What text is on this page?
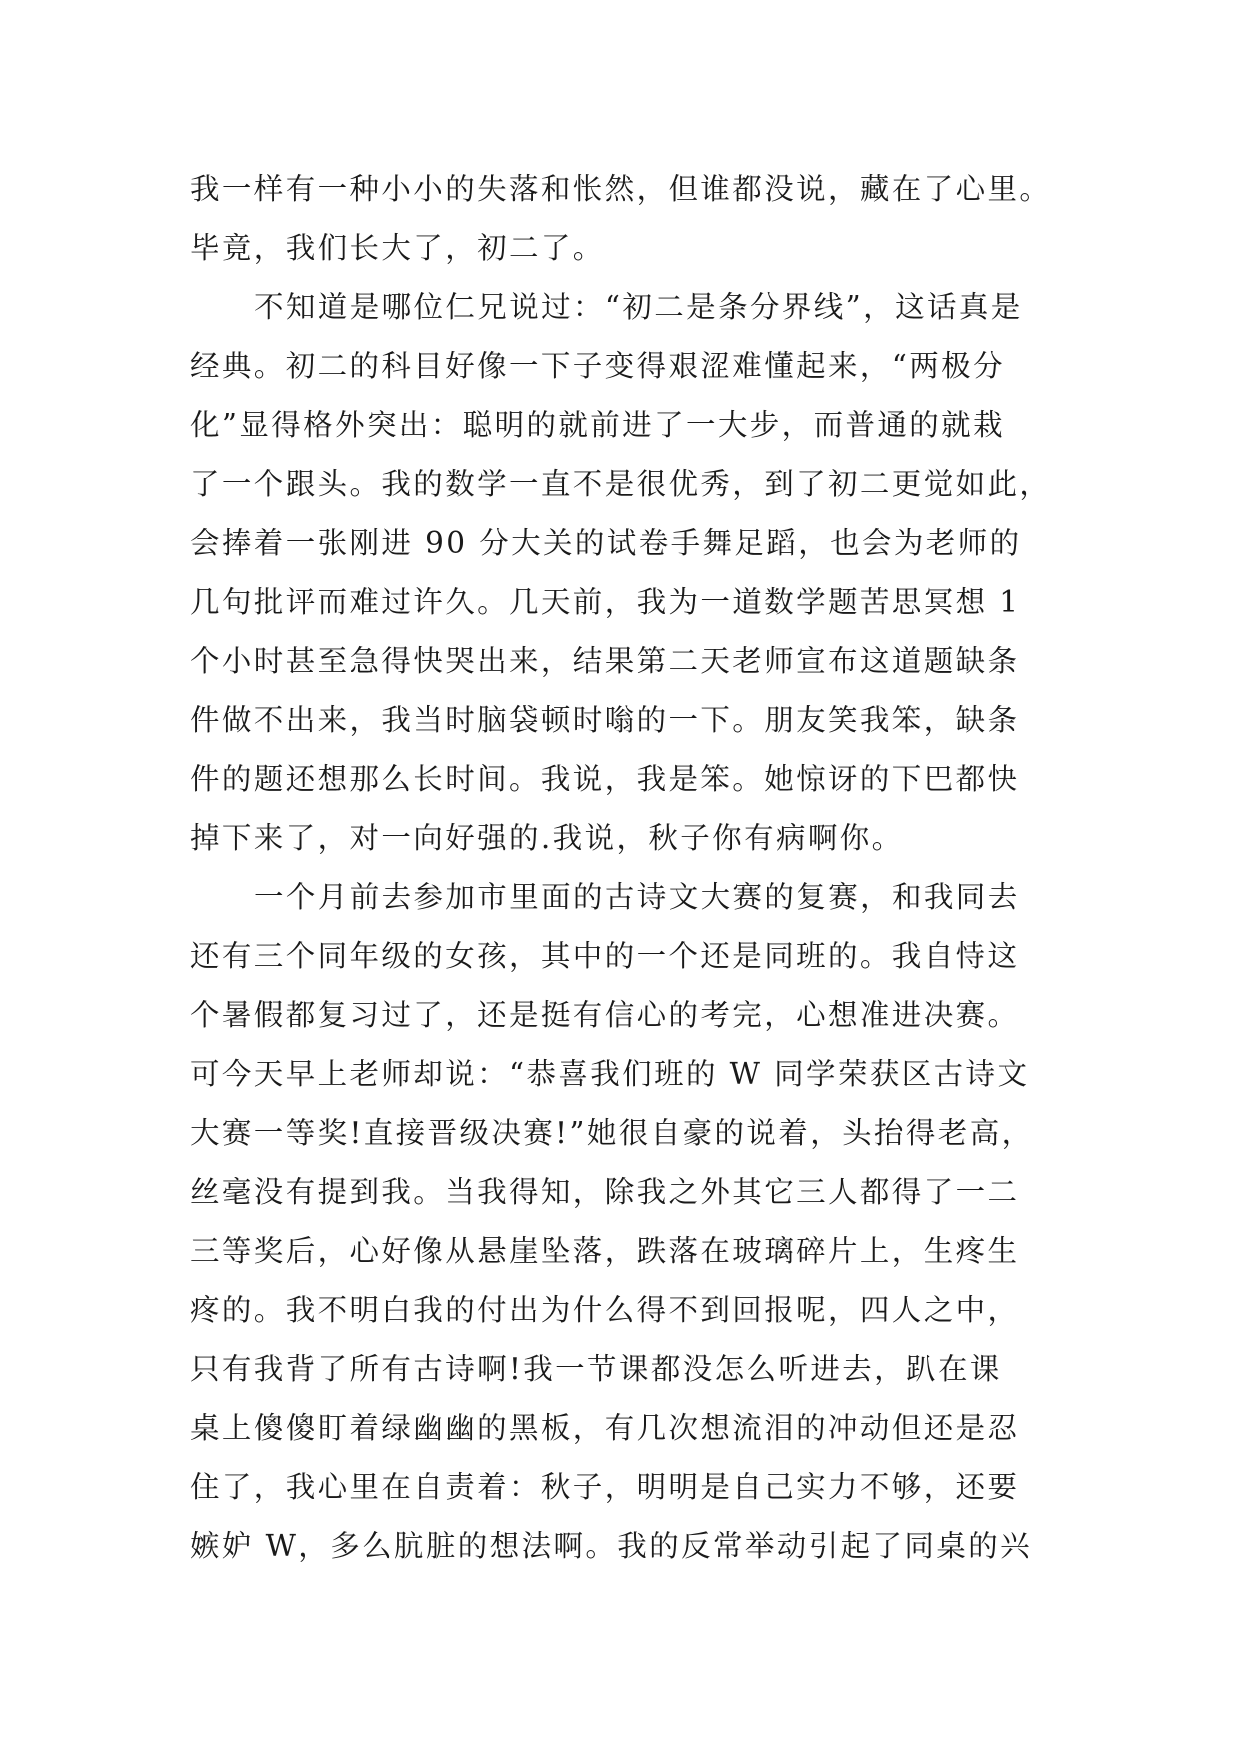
我一样有一种小小的失落和怅然，但谁都没说，藏在了心里。
毕竟，我们长大了，初二了。
不知道是哪位仁兄说过：“初二是条分界线”，这话真是
经典。初二的科目好像一下子变得艰涩难懂起来，“两极分
化”显得格外突出：聪明的就前进了一大步，而普通的就栽
了一个跟头。我的数学一直不是很优秀，到了初二更觉如此，
会捧着一张刚进 90 分大关的试卷手舞足蹈，也会为老师的
几句批评而难过许久。几天前，我为一道数学题苦思冥想 1
个小时甚至急得快哭出来，结果第二天老师宣布这道题缺条
件做不出来，我当时脑袋顿时嗡的一下。朋友笑我笨，缺条
件的题还想那么长时间。我说，我是笨。她惊讶的下巴都快
掉下来了，对一向好强的.我说，秋子你有病啊你。
一个月前去参加市里面的古诗文大赛的复赛，和我同去
还有三个同年级的女孩，其中的一个还是同班的。我自恃这
个暑假都复习过了，还是挺有信心的考完，心想准进决赛。
可今天早上老师却说：“恭喜我们班的 W 同学荣获区古诗文
大赛一等奖!直接晋级决赛!”她很自豪的说着，头抬得老高，
丝毫没有提到我。当我得知，除我之外其它三人都得了一二
三等奖后，心好像从悬崖坠落，跌落在玻璃碎片上，生疼生
疼的。我不明白我的付出为什么得不到回报呢，四人之中，
只有我背了所有古诗啊!我一节课都没怎么听进去，趴在课
桌上傻傻盯着绿幽幽的黑板，有几次想流泪的冲动但还是忍
住了，我心里在自责着：秋子，明明是自己实力不够，还要
嫉妒 W，多么肮脏的想法啊。我的反常举动引起了同桌的兴
